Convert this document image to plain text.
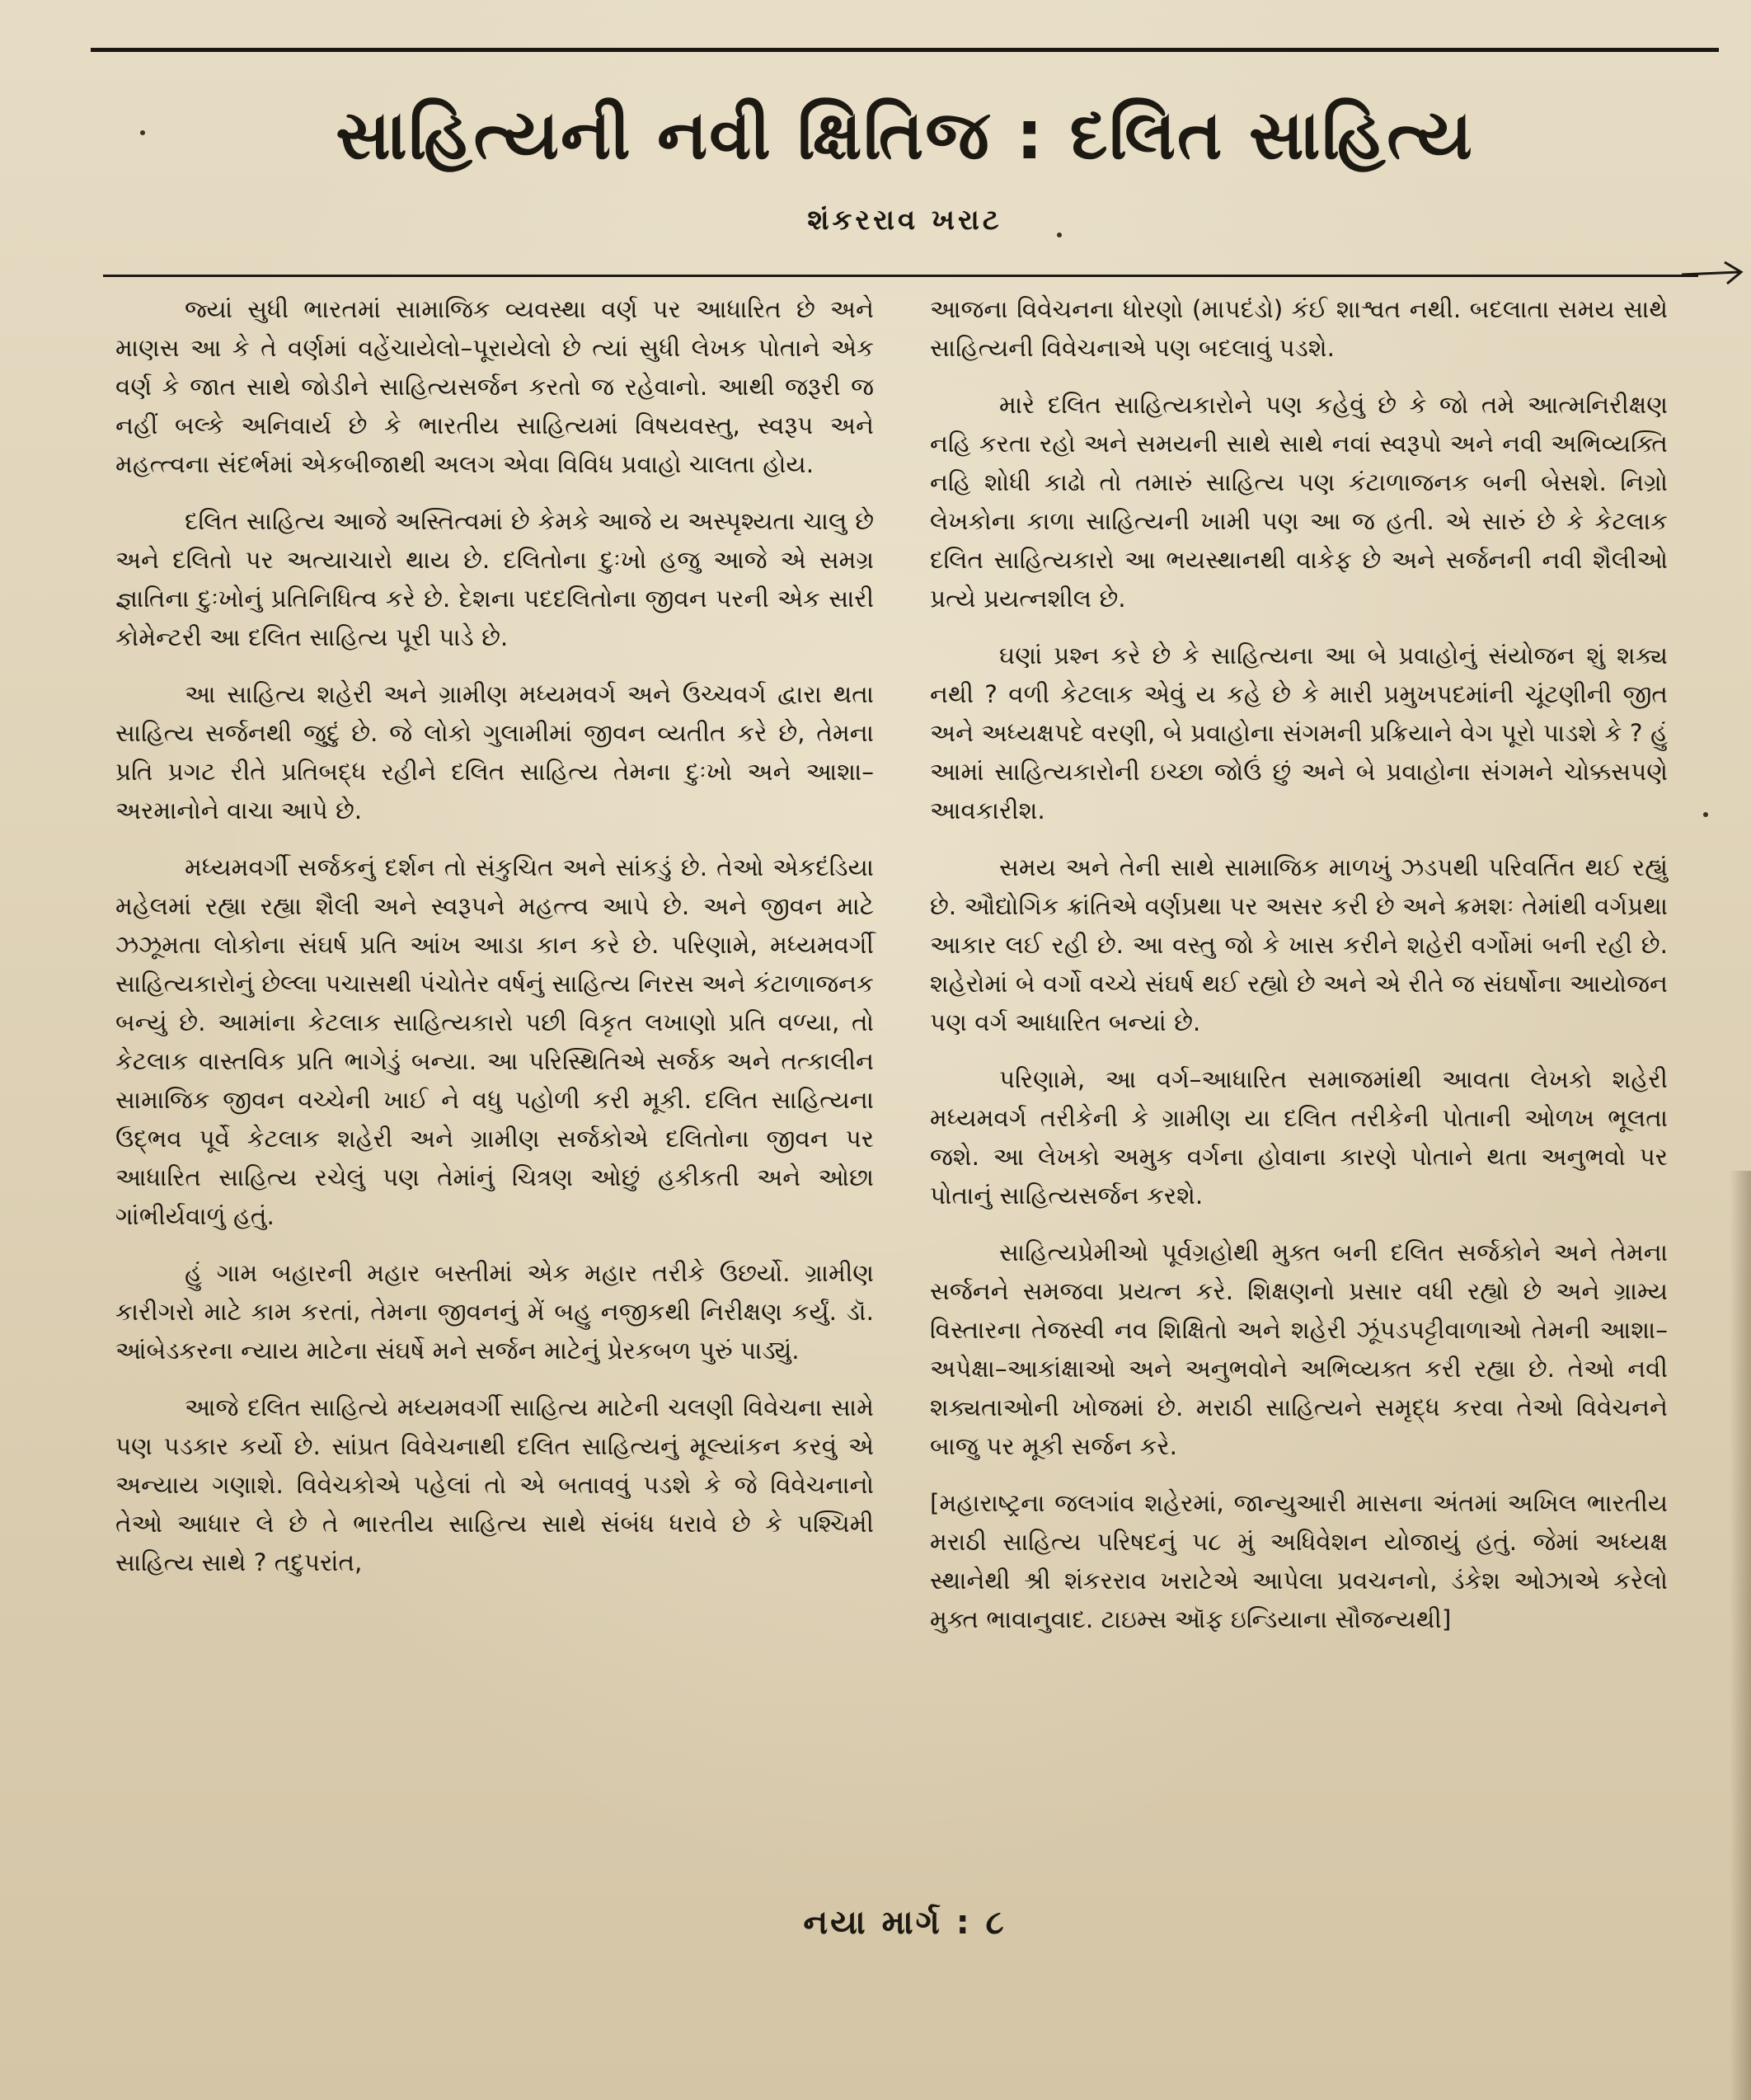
સાહિત્યની નવી ક્ષિતિજ : દલિત સાહિત્ય
શંકરરાવ ખરાટ

જ્યાં સુધી ભારતમાં સામાજિક વ્યવસ્થા વર્ણ પર આધારિત છે અને માણસ આ કે તે વર્ણમાં વહેંચાયેલો–પૂરાયેલો છે ત્યાં સુધી લેખક પોતાને એક વર્ણ કે જાત સાથે જોડીને સાહિત્યસર્જન કરતો જ રહેવાનો. આથી જરૂરી જ નહીં બલ્કે અનિવાર્ય છે કે ભારતીય સાહિત્યમાં વિષયવસ્તુ, સ્વરૂપ અને મહત્ત્વના સંદર્ભમાં એકબીજાથી અલગ એવા વિવિધ પ્રવાહો ચાલતા હોય.

દલિત સાહિત્ય આજે અસ્તિત્વમાં છે કેમકે આજે ય અસ્પૃશ્યતા ચાલુ છે અને દલિતો પર અત્યાચારો થાય છે. દલિતોના દુઃખો હજુ આજે એ સમગ્ર જ્ઞાતિના દુઃખોનું પ્રતિનિધિત્વ કરે છે. દેશના પદદલિતોના જીવન પરની એક સારી કોમેન્ટરી આ દલિત સાહિત્ય પૂરી પાડે છે.

આ સાહિત્ય શહેરી અને ગ્રામીણ મધ્યમવર્ગ અને ઉચ્ચવર્ગ દ્વારા થતા સાહિત્ય સર્જનથી જુદું છે. જે લોકો ગુલામીમાં જીવન વ્યતીત કરે છે, તેમના પ્રતિ પ્રગટ રીતે પ્રતિબદ્ધ રહીને દલિત સાહિત્ય તેમના દુઃખો અને આશા–અરમાનોને વાચા આપે છે.

મધ્યમવર્ગી સર્જકનું દર્શન તો સંકુચિત અને સાંકડું છે. તેઓ એકદંડિયા મહેલમાં રહ્યા રહ્યા શૈલી અને સ્વરૂપને મહત્ત્વ આપે છે. અને જીવન માટે ઝઝૂમતા લોકોના સંઘર્ષ પ્રતિ આંખ આડા કાન કરે છે. પરિણામે, મધ્યમવર્ગી સાહિત્યકારોનું છેલ્લા પચાસથી પંચોતેર વર્ષનું સાહિત્ય નિરસ અને કંટાળાજનક બન્યું છે. આમાંના કેટલાક સાહિત્યકારો પછી વિકૃત લખાણો પ્રતિ વળ્યા, તો કેટલાક વાસ્તવિક પ્રતિ ભાગેડું બન્યા. આ પરિસ્થિતિએ સર્જક અને તત્કાલીન સામાજિક જીવન વચ્ચેની ખાઈ ને વધુ પહોળી કરી મૂકી. દલિત સાહિત્યના ઉદ્ભવ પૂર્વે કેટલાક શહેરી અને ગ્રામીણ સર્જકોએ દલિતોના જીવન પર આધારિત સાહિત્ય રચેલું પણ તેમાંનું ચિત્રણ ઓછું હકીકતી અને ઓછા ગાંભીર્યવાળું હતું.

હું ગામ બહારની મહાર બસ્તીમાં એક મહાર તરીકે ઉછર્યો. ગ્રામીણ કારીગરો માટે કામ કરતાં, તેમના જીવનનું મેં બહુ નજીકથી નિરીક્ષણ કર્યું. ડૉ. આંબેડકરના ન્યાય માટેના સંઘર્ષે મને સર્જન માટેનું પ્રેરકબળ પુરું પાડ્યું.

આજે દલિત સાહિત્યે મધ્યમવર્ગી સાહિત્ય માટેની ચલણી વિવેચના સામે પણ પડકાર કર્યો છે. સાંપ્રત વિવેચનાથી દલિત સાહિત્યનું મૂલ્યાંકન કરવું એ અન્યાય ગણાશે. વિવેચકોએ પહેલાં તો એ બતાવવું પડશે કે જે વિવેચનાનો તેઓ આધાર લે છે તે ભારતીય સાહિત્ય સાથે સંબંધ ધરાવે છે કે પશ્ચિમી સાહિત્ય સાથે ? તદુપરાંત,

આજના વિવેચનના ધોરણો (માપદંડો) કંઈ શાશ્વત નથી. બદલાતા સમય સાથે સાહિત્યની વિવેચનાએ પણ બદલાવું પડશે.

મારે દલિત સાહિત્યકારોને પણ કહેવું છે કે જો તમે આત્મનિરીક્ષણ નહિ કરતા રહો અને સમયની સાથે સાથે નવાં સ્વરૂપો અને નવી અભિવ્યક્તિ નહિ શોધી કાઢો તો તમારું સાહિત્ય પણ કંટાળાજનક બની બેસશે. નિગ્રો લેખકોના કાળા સાહિત્યની ખામી પણ આ જ હતી. એ સારું છે કે કેટલાક દલિત સાહિત્યકારો આ ભયસ્થાનથી વાકેફ છે અને સર્જનની નવી શૈલીઓ પ્રત્યે પ્રયત્નશીલ છે.

ઘણાં પ્રશ્ન કરે છે કે સાહિત્યના આ બે પ્રવાહોનું સંયોજન શું શક્ય નથી ? વળી કેટલાક એવું ય કહે છે કે મારી પ્રમુખપદમાંની ચૂંટણીની જીત અને અધ્યક્ષપદે વરણી, બે પ્રવાહોના સંગમની પ્રક્રિયાને વેગ પૂરો પાડશે કે ? હું આમાં સાહિત્યકારોની ઇચ્છા જોઉં છું અને બે પ્રવાહોના સંગમને ચોક્કસપણે આવકારીશ.

સમય અને તેની સાથે સામાજિક માળખું ઝડપથી પરિવર્તિત થઈ રહ્યું છે. ઔદ્યોગિક ક્રાંતિએ વર્ણપ્રથા પર અસર કરી છે અને ક્રમશઃ તેમાંથી વર્ગપ્રથા આકાર લઈ રહી છે. આ વસ્તુ જો કે ખાસ કરીને શહેરી વર્ગોમાં બની રહી છે. શહેરોમાં બે વર્ગો વચ્ચે સંઘર્ષ થઈ રહ્યો છે અને એ રીતે જ સંઘર્ષોના આયોજન પણ વર્ગ આધારિત બન્યાં છે.

પરિણામે, આ વર્ગ–આધારિત સમાજમાંથી આવતા લેખકો શહેરી મધ્યમવર્ગ તરીકેની કે ગ્રામીણ યા દલિત તરીકેની પોતાની ઓળખ ભૂલતા જશે. આ લેખકો અમુક વર્ગના હોવાના કારણે પોતાને થતા અનુભવો પર પોતાનું સાહિત્યસર્જન કરશે.

સાહિત્યપ્રેમીઓ પૂર્વગ્રહોથી મુક્ત બની દલિત સર્જકોને અને તેમના સર્જનને સમજવા પ્રયત્ન કરે. શિક્ષણનો પ્રસાર વધી રહ્યો છે અને ગ્રામ્ય વિસ્તારના તેજસ્વી નવ શિક્ષિતો અને શહેરી ઝૂંપડપટ્ટીવાળાઓ તેમની આશા–અપેક્ષા–આકાંક્ષાઓ અને અનુભવોને અભિવ્યક્ત કરી રહ્યા છે. તેઓ નવી શક્યતાઓની ખોજમાં છે. મરાઠી સાહિત્યને સમૃદ્ધ કરવા તેઓ વિવેચનને બાજુ પર મૂકી સર્જન કરે.

[મહારાષ્ટ્રના જલગાંવ શહેરમાં, જાન્યુઆરી માસના અંતમાં અખિલ ભારતીય મરાઠી સાહિત્ય પરિષદનું ૫૮ મું અધિવેશન યોજાયું હતું. જેમાં અધ્યક્ષ સ્થાનેથી શ્રી શંકરરાવ ખરાટેએ આપેલા પ્રવચનનો, ડંકેશ ઓઝાએ કરેલો મુક્ત ભાવાનુવાદ. ટાઇમ્સ ઑફ ઇન્ડિયાના સૌજન્યથી]

નયા માર્ગ : ૮
